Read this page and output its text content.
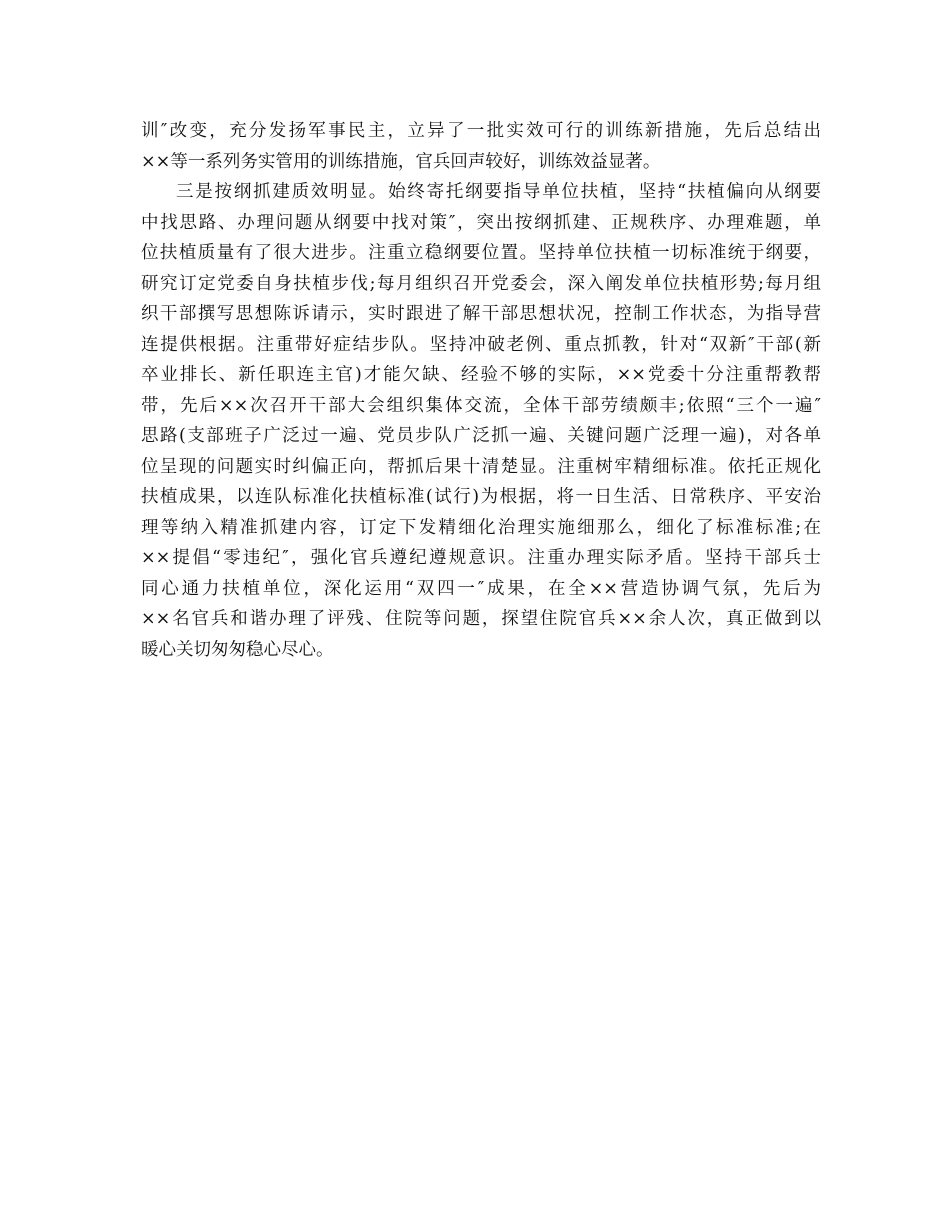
训″改变，充分发扬军事民主，立异了一批实效可行的训练新措施，先后总结出
××等一系列务实管用的训练措施，官兵回声较好，训练效益显著。
三是按纲抓建质效明显。始终寄托纲要指导单位扶植，坚持“扶植偏向从纲要
中找思路、办理问题从纲要中找对策″，突出按纲抓建、正规秩序、办理难题，单
位扶植质量有了很大进步。注重立稳纲要位置。坚持单位扶植一切标准统于纲要，
研究订定党委自身扶植步伐;每月组织召开党委会，深入阐发单位扶植形势;每月组
织干部撰写思想陈诉请示，实时跟进了解干部思想状况，控制工作状态，为指导营
连提供根据。注重带好症结步队。坚持冲破老例、重点抓教，针对“双新″干部(新
卒业排长、新任职连主官)才能欠缺、经验不够的实际，××党委十分注重帮教帮
带，先后××次召开干部大会组织集体交流，全体干部劳绩颇丰;依照“三个一遍″
思路(支部班子广泛过一遍、党员步队广泛抓一遍、关键问题广泛理一遍)，对各单
位呈现的问题实时纠偏正向，帮抓后果十清楚显。注重树牢精细标准。依托正规化
扶植成果，以连队标准化扶植标准(试行)为根据，将一日生活、日常秩序、平安治
理等纳入精准抓建内容，订定下发精细化治理实施细那么，细化了标准标准;在
××提倡“零违纪″，强化官兵遵纪遵规意识。注重办理实际矛盾。坚持干部兵士
同心通力扶植单位，深化运用“双四一″成果，在全××营造协调气氛，先后为
××名官兵和谐办理了评残、住院等问题，探望住院官兵××余人次，真正做到以
暖心关切匆匆稳心尽心。
